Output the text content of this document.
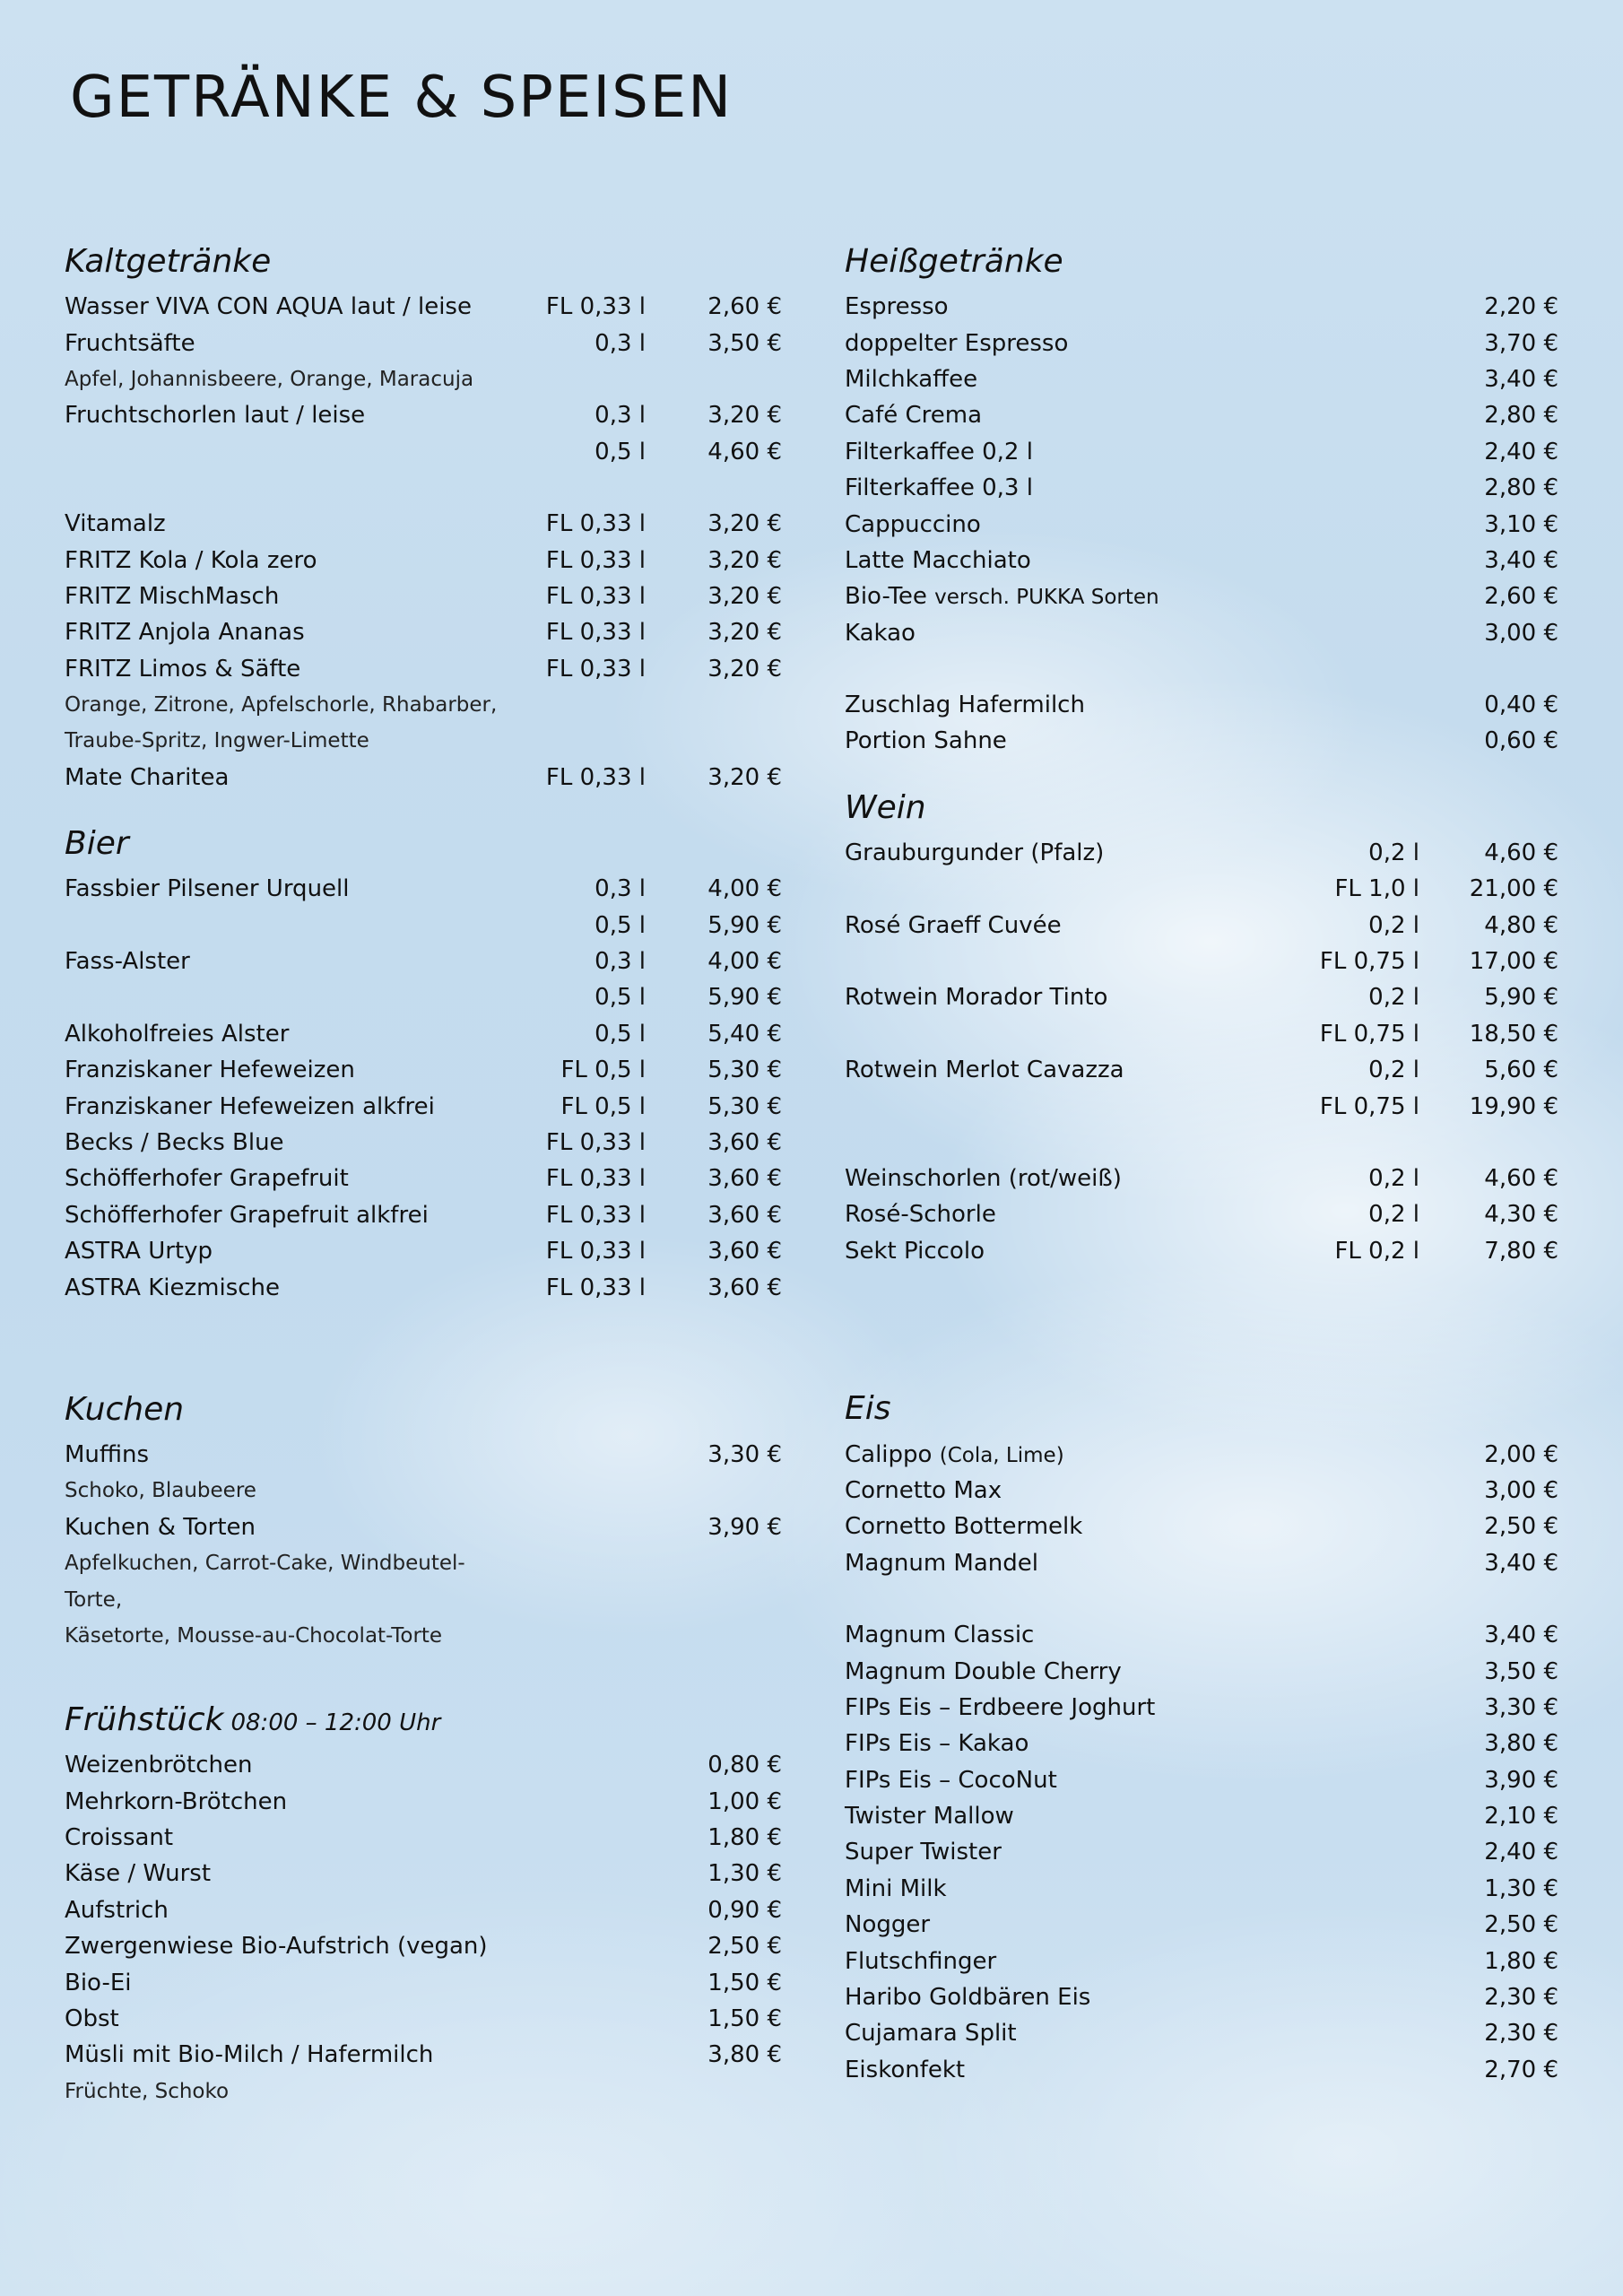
GETRÄNKE & SPEISEN
Kaltgetränke
Wasser VIVA CON AQUA laut / leise	FL 0,33 l	2,60 €
Fruchtsäfte	0,3 l	3,50 €
Apfel, Johannisbeere, Orange, Maracuja
Fruchtschorlen laut / leise	0,3 l	3,20 €
0,5 l	4,60 €
Vitamalz	FL 0,33 l	3,20 €
FRITZ Kola / Kola zero	FL 0,33 l	3,20 €
FRITZ MischMasch	FL 0,33 l	3,20 €
FRITZ Anjola Ananas	FL 0,33 l	3,20 €
FRITZ Limos & Säfte	FL 0,33 l	3,20 €
Orange, Zitrone, Apfelschorle, Rhabarber,
Traube-Spritz, Ingwer-Limette
Mate Charitea	FL 0,33 l	3,20 €
Bier
Fassbier Pilsener Urquell	0,3 l	4,00 €
0,5 l	5,90 €
Fass-Alster	0,3 l	4,00 €
0,5 l	5,90 €
Alkoholfreies Alster	0,5 l	5,40 €
Franziskaner Hefeweizen	FL 0,5 l	5,30 €
Franziskaner Hefeweizen alkfrei	FL 0,5 l	5,30 €
Becks / Becks Blue	FL 0,33 l	3,60 €
Schöfferhofer Grapefruit	FL 0,33 l	3,60 €
Schöfferhofer Grapefruit alkfrei	FL 0,33 l	3,60 €
ASTRA Urtyp	FL 0,33 l	3,60 €
ASTRA Kiezmische	FL 0,33 l	3,60 €
Kuchen
Muffins	3,30 €
Schoko, Blaubeere
Kuchen & Torten	3,90 €
Apfelkuchen, Carrot-Cake, Windbeutel-
Torte,
Käsetorte, Mousse-au-Chocolat-Torte
Frühstück 08:00 – 12:00 Uhr
Weizenbrötchen	0,80 €
Mehrkorn-Brötchen	1,00 €
Croissant	1,80 €
Käse / Wurst	1,30 €
Aufstrich	0,90 €
Zwergenwiese Bio-Aufstrich (vegan)	2,50 €
Bio-Ei	1,50 €
Obst	1,50 €
Müsli mit Bio-Milch / Hafermilch	3,80 €
Früchte, Schoko
Heißgetränke
Espresso	2,20 €
doppelter Espresso	3,70 €
Milchkaffee	3,40 €
Café Crema	2,80 €
Filterkaffee 0,2 l	2,40 €
Filterkaffee 0,3 l	2,80 €
Cappuccino	3,10 €
Latte Macchiato	3,40 €
Bio-Tee versch. PUKKA Sorten	2,60 €
Kakao	3,00 €
Zuschlag Hafermilch	0,40 €
Portion Sahne	0,60 €
Wein
Grauburgunder (Pfalz)	0,2 l	4,60 €
FL 1,0 l	21,00 €
Rosé Graeff Cuvée	0,2 l	4,80 €
FL 0,75 l	17,00 €
Rotwein Morador Tinto	0,2 l	5,90 €
FL 0,75 l	18,50 €
Rotwein Merlot Cavazza	0,2 l	5,60 €
FL 0,75 l	19,90 €
Weinschorlen (rot/weiß)	0,2 l	4,60 €
Rosé-Schorle	0,2 l	4,30 €
Sekt Piccolo	FL 0,2 l	7,80 €
Eis
Calippo (Cola, Lime)	2,00 €
Cornetto Max	3,00 €
Cornetto Bottermelk	2,50 €
Magnum Mandel	3,40 €
Magnum Classic	3,40 €
Magnum Double Cherry	3,50 €
FIPs Eis – Erdbeere Joghurt	3,30 €
FIPs Eis – Kakao	3,80 €
FIPs Eis – CocoNut	3,90 €
Twister Mallow	2,10 €
Super Twister	2,40 €
Mini Milk	1,30 €
Nogger	2,50 €
Flutschfinger	1,80 €
Haribo Goldbären Eis	2,30 €
Cujamara Split	2,30 €
Eiskonfekt	2,70 €
